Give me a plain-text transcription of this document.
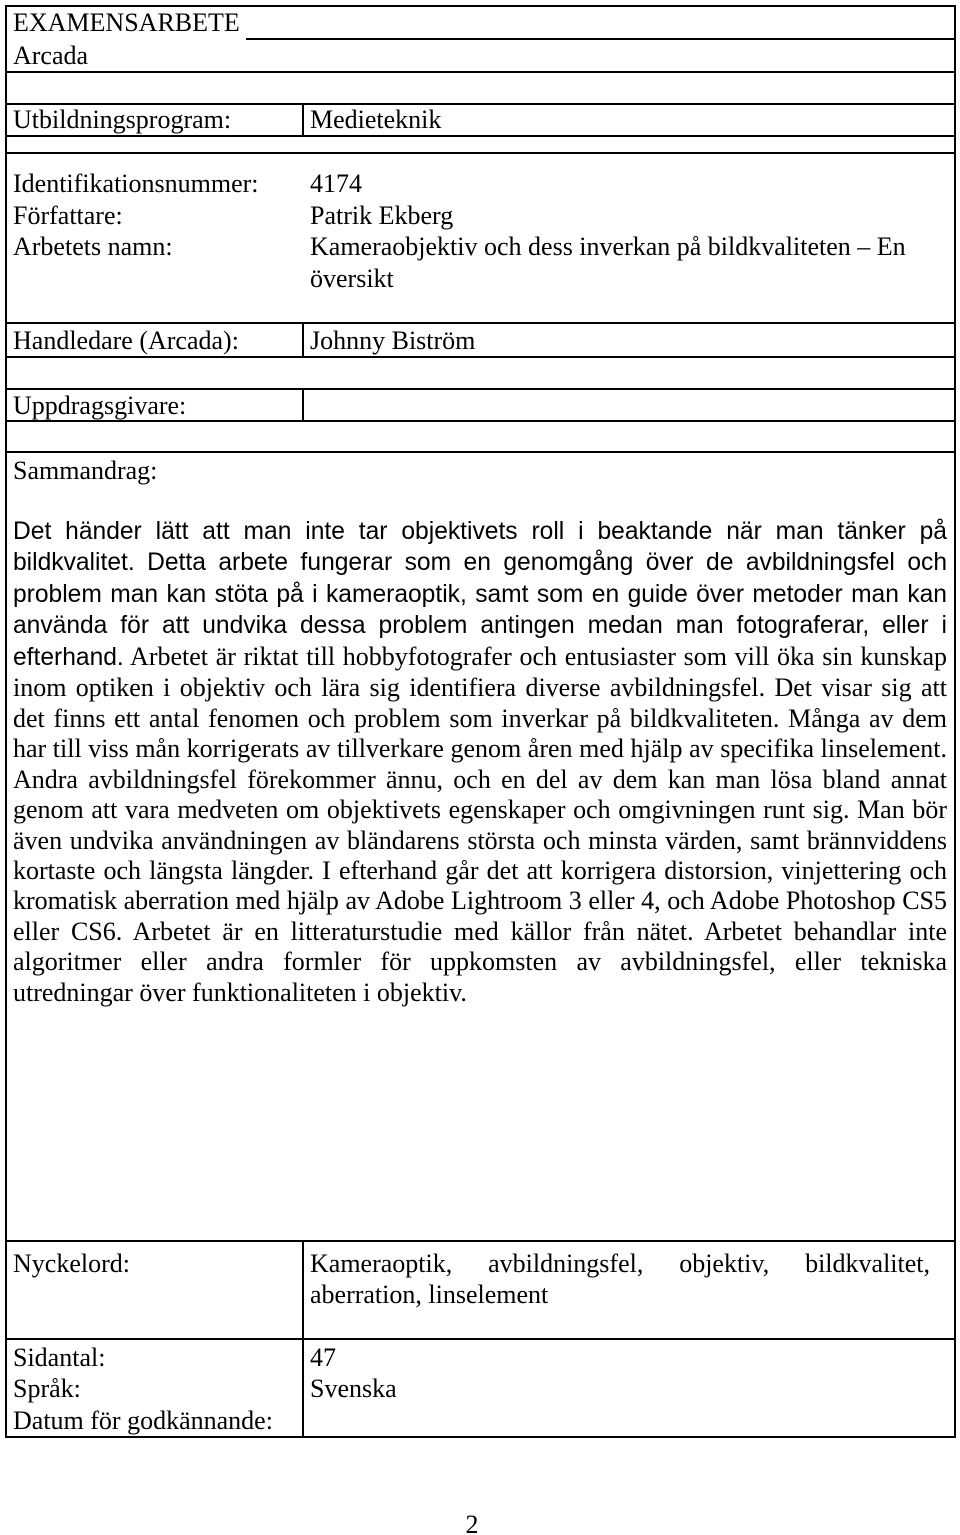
EXAMENSARBETE
Arcada
Utbildningsprogram:	Medieteknik
Identifikationsnummer: 4174
Författare:	Patrik Ekberg
Arbetets namn:	Kameraobjektiv och dess inverkan på bildkvaliteten – En översikt
Handledare (Arcada):	Johnny Biström
Uppdragsgivare:
Sammandrag:

Det händer lätt att man inte tar objektivets roll i beaktande när man tänker på bildkvalitet. Detta arbete fungerar som en genomgång över de avbildningsfel och problem man kan stöta på i kameraoptik, samt som en guide över metoder man kan använda för att undvika dessa problem antingen medan man fotograferar, eller i efterhand. Arbetet är riktat till hobbyfotografer och entusiaster som vill öka sin kunskap inom optiken i objektiv och lära sig identifiera diverse avbildningsfel. Det visar sig att det finns ett antal fenomen och problem som inverkar på bildkvaliteten. Många av dem har till viss mån korrigerats av tillverkare genom åren med hjälp av specifika linselement. Andra avbildningsfel förekommer ännu, och en del av dem kan man lösa bland annat genom att vara medveten om objektivets egenskaper och omgivningen runt sig. Man bör även undvika användningen av bländarens största och minsta värden, samt brännviddens kortaste och längsta längder. I efterhand går det att korrigera distorsion, vinjettering och kromatisk aberration med hjälp av Adobe Lightroom 3 eller 4, och Adobe Photoshop CS5 eller CS6. Arbetet är en litteraturstudie med källor från nätet. Arbetet behandlar inte algoritmer eller andra formler för uppkomsten av avbildningsfel, eller tekniska utredningar över funktionaliteten i objektiv.

Nyckelord:	Kameraoptik, avbildningsfel, objektiv, bildkvalitet, aberration, linselement
Sidantal:	47
Språk:	Svenska
Datum för godkännande:
2
